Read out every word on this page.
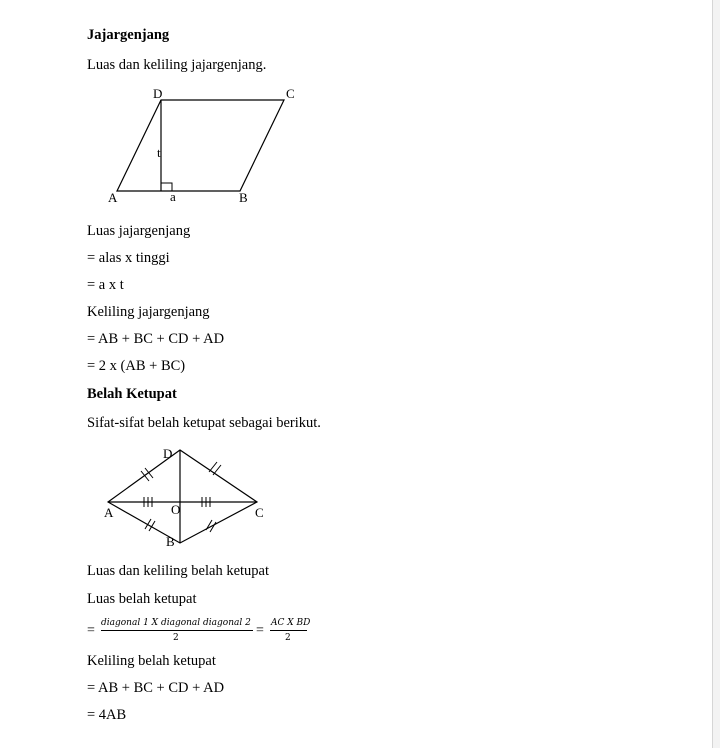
Jajargenjang
Luas dan keliling jajargenjang.
A	B
C
D
t
a
Luas jajargenjang
= alas x tinggi
= a x t
Keliling jajargenjang
= AB + BC + CD + AD
= 2 x (AB + BC)
Belah Ketupat
Sifat-sifat belah ketupat sebagai berikut.
A
B
C
D
O
Luas dan keliling belah ketupat
Luas belah ketupat
= diagonal 1 X diagonal diagonal 2
2	= AC X BD
2
Keliling belah ketupat
= AB + BC + CD + AD
= 4AB
